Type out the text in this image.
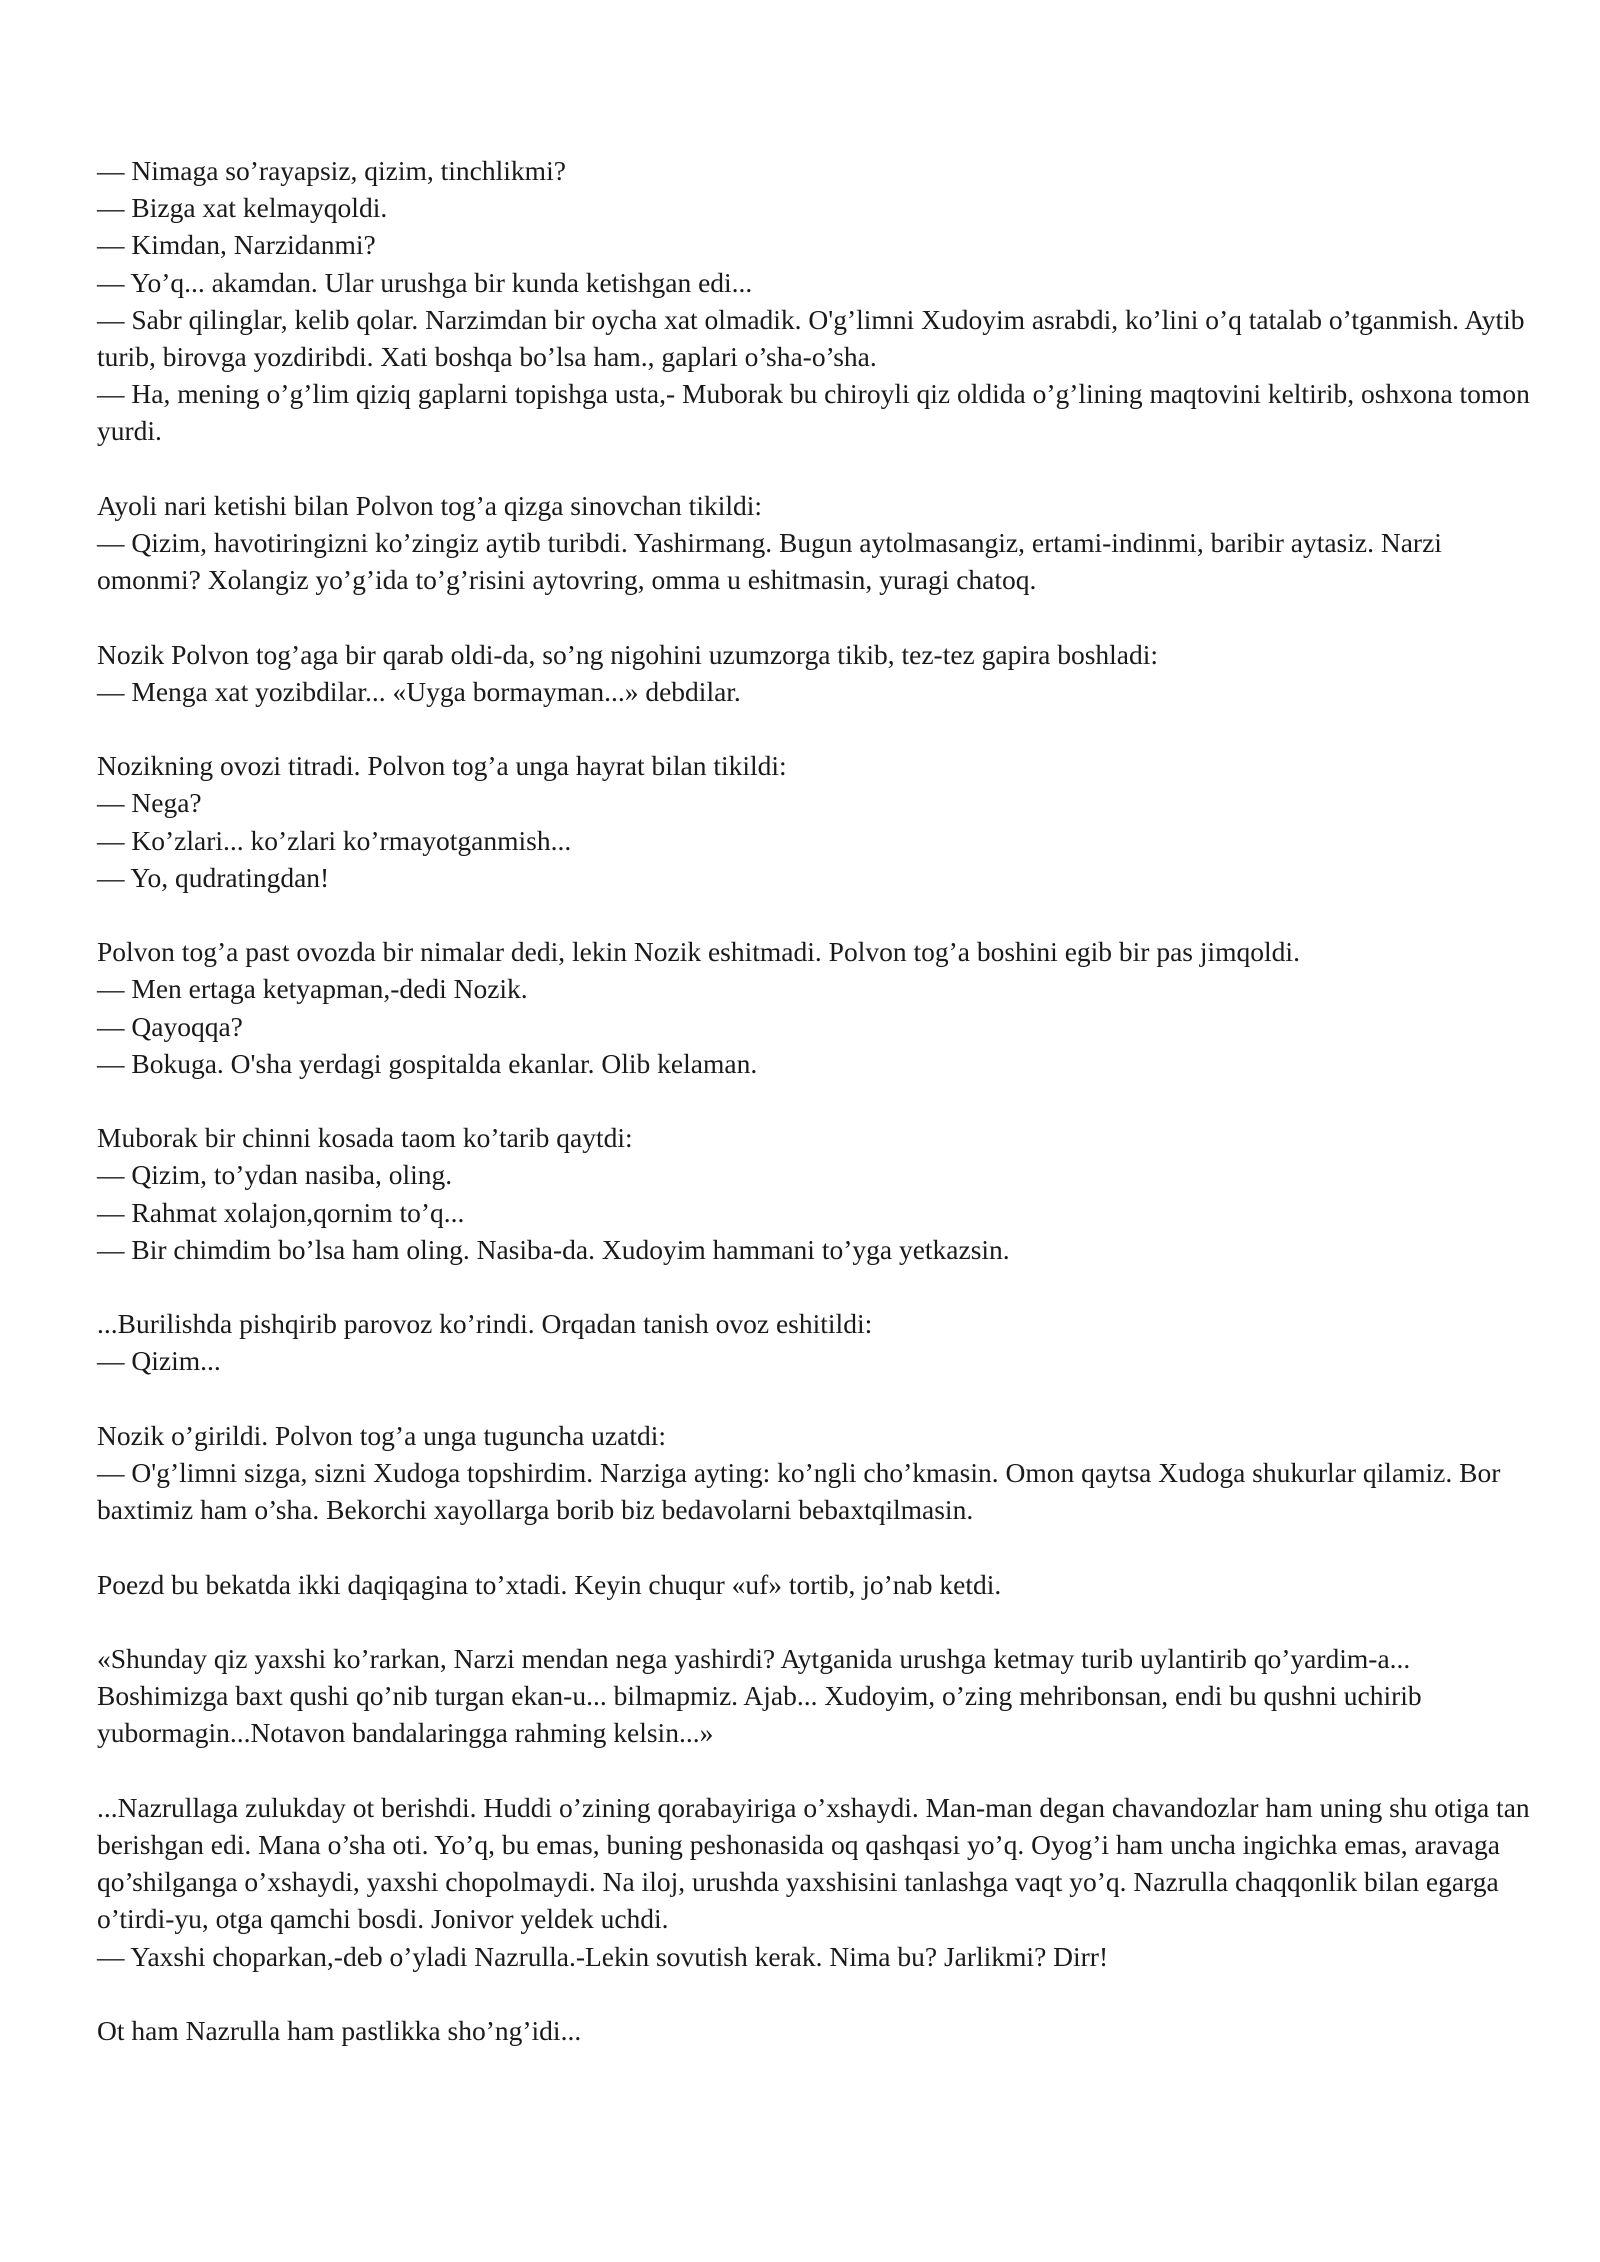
— Nimaga so’rayapsiz, qizim, tinchlikmi?
— Bizga xat kelmayqoldi.
— Kimdan, Narzidanmi?
— Yo’q... akamdan. Ular urushga bir kunda ketishgan edi...
— Sabr qilinglar, kelib qolar. Narzimdan bir oycha xat olmadik. O'g’limni Xudoyim asrabdi, ko’lini o’q tatalab o’tganmish. Aytib turib, birovga yozdiribdi. Xati boshqa bo’lsa ham., gaplari o’sha-o’sha.
— Ha, mening o’g’lim qiziq gaplarni topishga usta,- Muborak bu chiroyli qiz oldida o’g’lining maqtovini keltirib, oshxona tomon yurdi.
Ayoli nari ketishi bilan Polvon tog’a qizga sinovchan tikildi:
— Qizim, havotiringizni ko’zingiz aytib turibdi. Yashirmang. Bugun aytolmasangiz, ertami-indinmi, baribir aytasiz. Narzi omonmi? Xolangiz yo’g’ida to’g’risini aytovring, omma u eshitmasin, yuragi chatoq.
Nozik Polvon tog’aga bir qarab oldi-da, so’ng nigohini uzumzorga tikib, tez-tez gapira boshladi:
— Menga xat yozibdilar... «Uyga bormayman...» debdilar.
Nozikning ovozi titradi. Polvon tog’a unga hayrat bilan tikildi:
— Nega?
— Ko’zlari... ko’zlari ko’rmayotganmish...
— Yo, qudratingdan!
Polvon tog’a past ovozda bir nimalar dedi, lekin Nozik eshitmadi. Polvon tog’a boshini egib bir pas jimqoldi.
— Men ertaga ketyapman,-dedi Nozik.
— Qayoqqa?
— Bokuga. O'sha yerdagi gospitalda ekanlar. Olib kelaman.
Muborak bir chinni kosada taom ko’tarib qaytdi:
— Qizim, to’ydan nasiba, oling.
— Rahmat xolajon,qornim to’q...
— Bir chimdim bo’lsa ham oling. Nasiba-da. Xudoyim hammani to’yga yetkazsin.
...Burilishda pishqirib parovoz ko’rindi. Orqadan tanish ovoz eshitildi:
— Qizim...
Nozik o’girildi. Polvon tog’a unga tuguncha uzatdi:
— O'g’limni sizga, sizni Xudoga topshirdim. Narziga ayting: ko’ngli cho’kmasin. Omon qaytsa Xudoga shukurlar qilamiz. Bor baxtimiz ham o’sha. Bekorchi xayollarga borib biz bedavolarni bebaxtqilmasin.
Poezd bu bekatda ikki daqiqagina to’xtadi. Keyin chuqur «uf» tortib, jo’nab ketdi.
«Shunday qiz yaxshi ko’rarkan, Narzi mendan nega yashirdi? Aytganida urushga ketmay turib uylantirib qo’yardim-a... Boshimizga baxt qushi qo’nib turgan ekan-u... bilmapmiz. Ajab... Xudoyim, o’zing mehribonsan, endi bu qushni uchirib yubormagin...Notavon bandalaringga rahming kelsin...»
...Nazrullaga zulukday ot berishdi. Huddi o’zining qorabayiriga o’xshaydi. Man-man degan chavandozlar ham uning shu otiga tan berishgan edi. Mana o’sha oti. Yo’q, bu emas, buning peshonasida oq qashqasi yo’q. Oyog’i ham uncha ingichka emas, aravaga qo’shilganga o’xshaydi, yaxshi chopolmaydi. Na iloj, urushda yaxshisini tanlashga vaqt yo’q. Nazrulla chaqqonlik bilan egarga o’tirdi-yu, otga qamchi bosdi. Jonivor yeldek uchdi.
— Yaxshi choparkan,-deb o’yladi Nazrulla.-Lekin sovutish kerak. Nima bu? Jarlikmi? Dirr!
Ot ham Nazrulla ham pastlikka sho’ng’idi...
